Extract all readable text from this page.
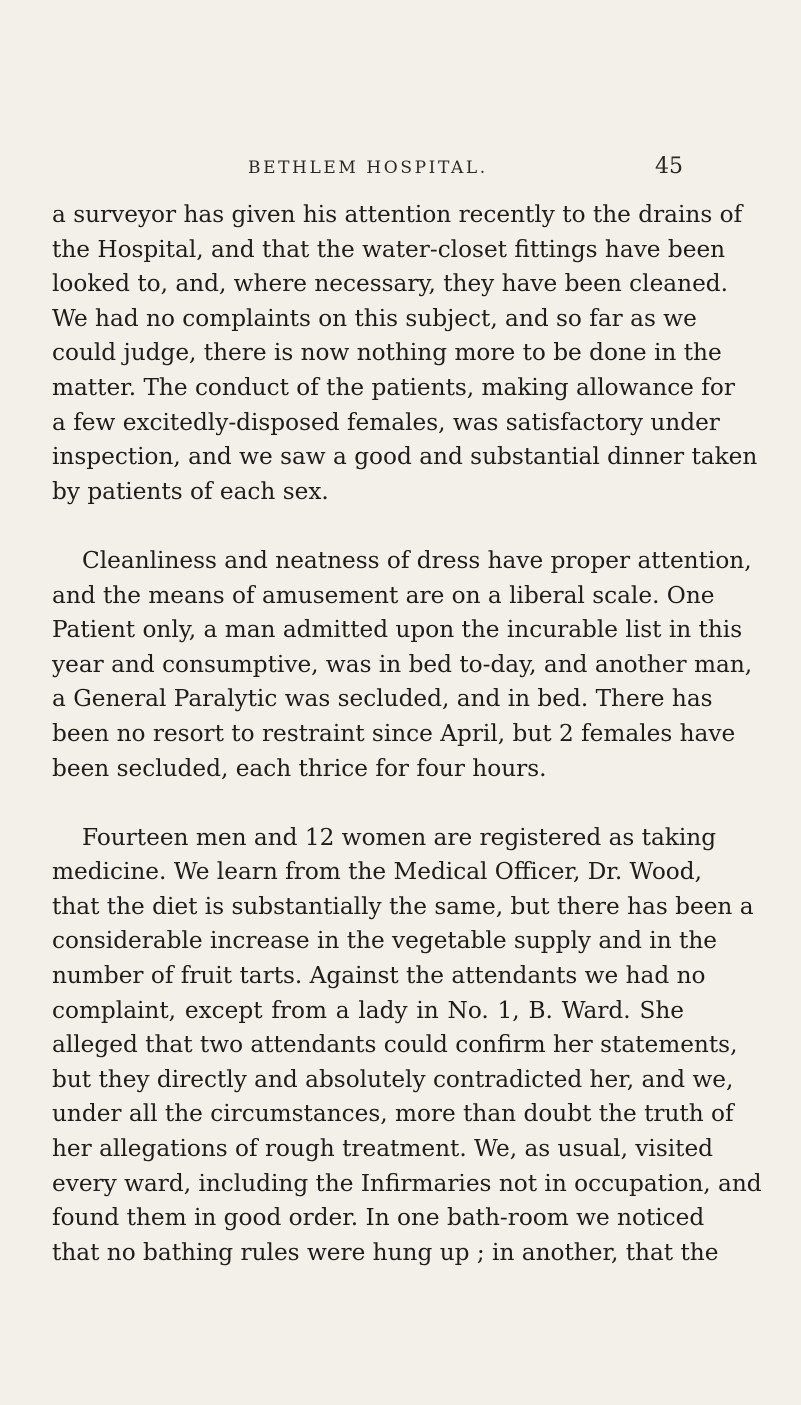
BETHLEM HOSPITAL.	45
a surveyor has given his attention recently to the drains of
the Hospital, and that the water-closet fittings have been
looked to, and, where necessary, they have been cleaned.
We had no complaints on this subject, and so far as we
could judge, there is now nothing more to be done in the
matter. The conduct of the patients, making allowance for
a few excitedly-disposed females, was satisfactory under
inspection, and we saw a good and substantial dinner taken
by patients of each sex.
Cleanliness and neatness of dress have proper attention,
and the means of amusement are on a liberal scale. One
Patient only, a man admitted upon the incurable list in this
year and consumptive, was in bed to-day, and another man,
a General Paralytic was secluded, and in bed. There has
been no resort to restraint since April, but 2 females have
been secluded, each thrice for four hours.
Fourteen men and 12 women are registered as taking
medicine. We learn from the Medical Officer, Dr. Wood,
that the diet is substantially the same, but there has been a
considerable increase in the vegetable supply and in the
number of fruit tarts. Against the attendants we had no
complaint, except from a lady in No. 1, B. Ward. She
alleged that two attendants could confirm her statements,
but they directly and absolutely contradicted her, and we,
under all the circumstances, more than doubt the truth of
her allegations of rough treatment. We, as usual, visited
every ward, including the Infirmaries not in occupation, and
found them in good order. In one bath-room we noticed
that no bathing rules were hung up ; in another, that the
